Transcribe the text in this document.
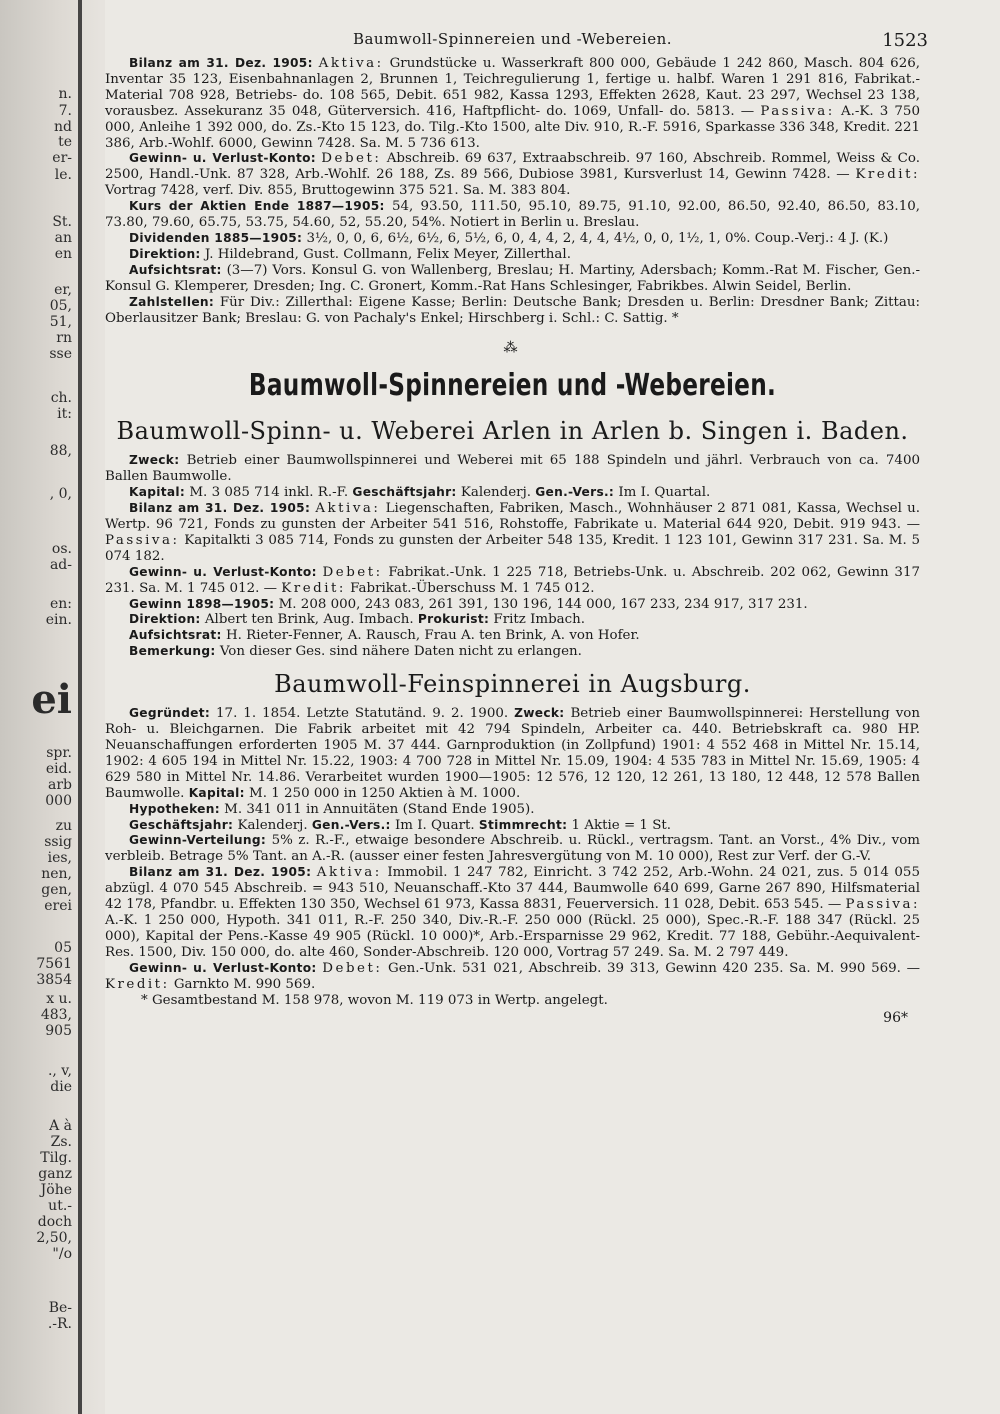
n.
7.
nd
te
er-
le.
St.
an
en
er,
05,
51,
rn
sse
ch.
it:
88,
, 0,
os.
ad-
en:
ein.
spr.
eid.
arb
000
zu
ssig
ies,
nen,
gen,
erei
05
7561
3854
x u.
483,
905
., v,
die
A à
Zs.
Tilg.
ganz
Jöhe
ut.-
doch
2,50,
"/o
Be-
.-R.
ei
Baumwoll-Spinnereien und -Webereien.	1523

Bilanz am 31. Dez. 1905: Aktiva: Grundstücke u. Wasserkraft 800 000, Gebäude 1 242 860, Masch. 804 626, Inventar 35 123, Eisenbahnanlagen 2, Brunnen 1, Teichregulierung 1, fertige u. halbf. Waren 1 291 816, Fabrikat.-Material 708 928, Betriebs- do. 108 565, Debit. 651 982, Kassa 1293, Effekten 2628, Kaut. 23 297, Wechsel 23 138, vorausbez. Assekuranz 35 048, Güterversich. 416, Haftpflicht- do. 1069, Unfall- do. 5813. — Passiva: A.-K. 3 750 000, Anleihe 1 392 000, do. Zs.-Kto 15 123, do. Tilg.-Kto 1500, alte Div. 910, R.-F. 5916, Sparkasse 336 348, Kredit. 221 386, Arb.-Wohlf. 6000, Gewinn 7428. Sa. M. 5 736 613.

Gewinn- u. Verlust-Konto: Debet: Abschreib. 69 637, Extraabschreib. 97 160, Abschreib. Rommel, Weiss & Co. 2500, Handl.-Unk. 87 328, Arb.-Wohlf. 26 188, Zs. 89 566, Dubiose 3981, Kursverlust 14, Gewinn 7428. — Kredit: Vortrag 7428, verf. Div. 855, Bruttogewinn 375 521. Sa. M. 383 804.

Kurs der Aktien Ende 1887—1905: 54, 93.50, 111.50, 95.10, 89.75, 91.10, 92.00, 86.50, 92.40, 86.50, 83.10, 73.80, 79.60, 65.75, 53.75, 54.60, 52, 55.20, 54%. Notiert in Berlin u. Breslau.

Dividenden 1885—1905: 3½, 0, 0, 6, 6½, 6½, 6, 5½, 6, 0, 4, 4, 2, 4, 4, 4½, 0, 0, 1½, 1, 0%. Coup.-Verj.: 4 J. (K.)

Direktion: J. Hildebrand, Gust. Collmann, Felix Meyer, Zillerthal.

Aufsichtsrat: (3—7) Vors. Konsul G. von Wallenberg, Breslau; H. Martiny, Adersbach; Komm.-Rat M. Fischer, Gen.-Konsul G. Klemperer, Dresden; Ing. C. Gronert, Komm.-Rat Hans Schlesinger, Fabrikbes. Alwin Seidel, Berlin.

Zahlstellen: Für Div.: Zillerthal: Eigene Kasse; Berlin: Deutsche Bank; Dresden u. Berlin: Dresdner Bank; Zittau: Oberlausitzer Bank; Breslau: G. von Pachaly's Enkel; Hirschberg i. Schl.: C. Sattig. *

⁂
Baumwoll-Spinnereien und -Webereien.
Baumwoll-Spinn- u. Weberei Arlen in Arlen b. Singen i. Baden.

Zweck: Betrieb einer Baumwollspinnerei und Weberei mit 65 188 Spindeln und jährl. Verbrauch von ca. 7400 Ballen Baumwolle.

Kapital: M. 3 085 714 inkl. R.-F. Geschäftsjahr: Kalenderj. Gen.-Vers.: Im I. Quartal.

Bilanz am 31. Dez. 1905: Aktiva: Liegenschaften, Fabriken, Masch., Wohnhäuser 2 871 081, Kassa, Wechsel u. Wertp. 96 721, Fonds zu gunsten der Arbeiter 541 516, Rohstoffe, Fabrikate u. Material 644 920, Debit. 919 943. — Passiva: Kapitalkti 3 085 714, Fonds zu gunsten der Arbeiter 548 135, Kredit. 1 123 101, Gewinn 317 231. Sa. M. 5 074 182.

Gewinn- u. Verlust-Konto: Debet: Fabrikat.-Unk. 1 225 718, Betriebs-Unk. u. Abschreib. 202 062, Gewinn 317 231. Sa. M. 1 745 012. — Kredit: Fabrikat.-Überschuss M. 1 745 012.

Gewinn 1898—1905: M. 208 000, 243 083, 261 391, 130 196, 144 000, 167 233, 234 917, 317 231.

Direktion: Albert ten Brink, Aug. Imbach. Prokurist: Fritz Imbach.

Aufsichtsrat: H. Rieter-Fenner, A. Rausch, Frau A. ten Brink, A. von Hofer.

Bemerkung: Von dieser Ges. sind nähere Daten nicht zu erlangen.

Baumwoll-Feinspinnerei in Augsburg.

Gegründet: 17. 1. 1854. Letzte Statutänd. 9. 2. 1900. Zweck: Betrieb einer Baumwollspinnerei: Herstellung von Roh- u. Bleichgarnen. Die Fabrik arbeitet mit 42 794 Spindeln, Arbeiter ca. 440. Betriebskraft ca. 980 HP. Neuanschaffungen erforderten 1905 M. 37 444. Garnproduktion (in Zollpfund) 1901: 4 552 468 in Mittel Nr. 15.14, 1902: 4 605 194 in Mittel Nr. 15.22, 1903: 4 700 728 in Mittel Nr. 15.09, 1904: 4 535 783 in Mittel Nr. 15.69, 1905: 4 629 580 in Mittel Nr. 14.86. Verarbeitet wurden 1900—1905: 12 576, 12 120, 12 261, 13 180, 12 448, 12 578 Ballen Baumwolle. Kapital: M. 1 250 000 in 1250 Aktien à M. 1000.

Hypotheken: M. 341 011 in Annuitäten (Stand Ende 1905).

Geschäftsjahr: Kalenderj. Gen.-Vers.: Im I. Quart. Stimmrecht: 1 Aktie = 1 St.

Gewinn-Verteilung: 5% z. R.-F., etwaige besondere Abschreib. u. Rückl., vertragsm. Tant. an Vorst., 4% Div., vom verbleib. Betrage 5% Tant. an A.-R. (ausser einer festen Jahresvergütung von M. 10 000), Rest zur Verf. der G.-V.

Bilanz am 31. Dez. 1905: Aktiva: Immobil. 1 247 782, Einricht. 3 742 252, Arb.-Wohn. 24 021, zus. 5 014 055 abzügl. 4 070 545 Abschreib. = 943 510, Neuanschaff.-Kto 37 444, Baumwolle 640 699, Garne 267 890, Hilfsmaterial 42 178, Pfandbr. u. Effekten 130 350, Wechsel 61 973, Kassa 8831, Feuerversich. 11 028, Debit. 653 545. — Passiva: A.-K. 1 250 000, Hypoth. 341 011, R.-F. 250 340, Div.-R.-F. 250 000 (Rückl. 25 000), Spec.-R.-F. 188 347 (Rückl. 25 000), Kapital der Pens.-Kasse 49 905 (Rückl. 10 000)*, Arb.-Ersparnisse 29 962, Kredit. 77 188, Gebühr.-Aequivalent-Res. 1500, Div. 150 000, do. alte 460, Sonder-Abschreib. 120 000, Vortrag 57 249. Sa. M. 2 797 449.

Gewinn- u. Verlust-Konto: Debet: Gen.-Unk. 531 021, Abschreib. 39 313, Gewinn 420 235. Sa. M. 990 569. — Kredit: Garnkto M. 990 569.

* Gesamtbestand M. 158 978, wovon M. 119 073 in Wertp. angelegt.

96*
